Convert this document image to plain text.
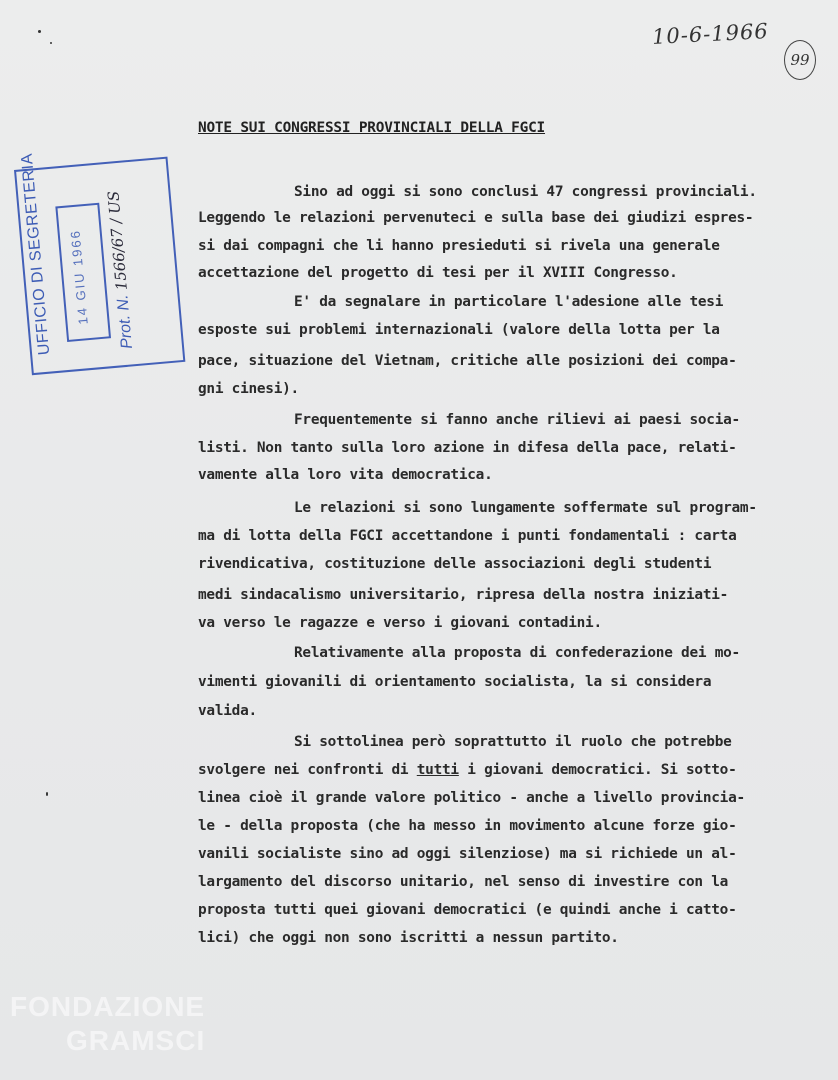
10-6-1966
99
NOTE SUI CONGRESSI PROVINCIALI DELLA FGCI
UFFICIO DI SEGRETERIA 14 GIU 1966	Prot. N. 1566/67 / US	Sino ad oggi si sono conclusi 47 congressi provinciali.
Leggendo le relazioni pervenuteci e sulla base dei giudizi espres-
si dai compagni che li hanno presieduti si rivela una generale
accettazione del progetto di tesi per il XVIII Congresso.
E' da segnalare in particolare l'adesione alle tesi
esposte sui problemi internazionali (valore della lotta per la
pace, situazione del Vietnam, critiche alle posizioni dei compa-
gni cinesi).
Frequentemente si fanno anche rilievi ai paesi socia-
listi. Non tanto sulla loro azione in difesa della pace, relati-
vamente alla loro vita democratica.
Le relazioni si sono lungamente soffermate sul program-
ma di lotta della FGCI accettandone i punti fondamentali : carta
rivendicativa, costituzione delle associazioni degli studenti
medi sindacalismo universitario, ripresa della nostra iniziati-
va verso le ragazze e verso i giovani contadini.
Relativamente alla proposta di confederazione dei mo-
vimenti giovanili di orientamento socialista, la si considera
valida.
Si sottolinea però soprattutto il ruolo che potrebbe
svolgere nei confronti di tutti i giovani democratici. Si sotto-
linea cioè il grande valore politico - anche a livello provincia-
le - della proposta (che ha messo in movimento alcune forze gio-
vanili socialiste sino ad oggi silenziose) ma si richiede un al-
largamento del discorso unitario, nel senso di investire con la
proposta tutti quei giovani democratici (e quindi anche i catto-
lici) che oggi non sono iscritti a nessun partito.
FONDAZIONE
GRAMSCI
